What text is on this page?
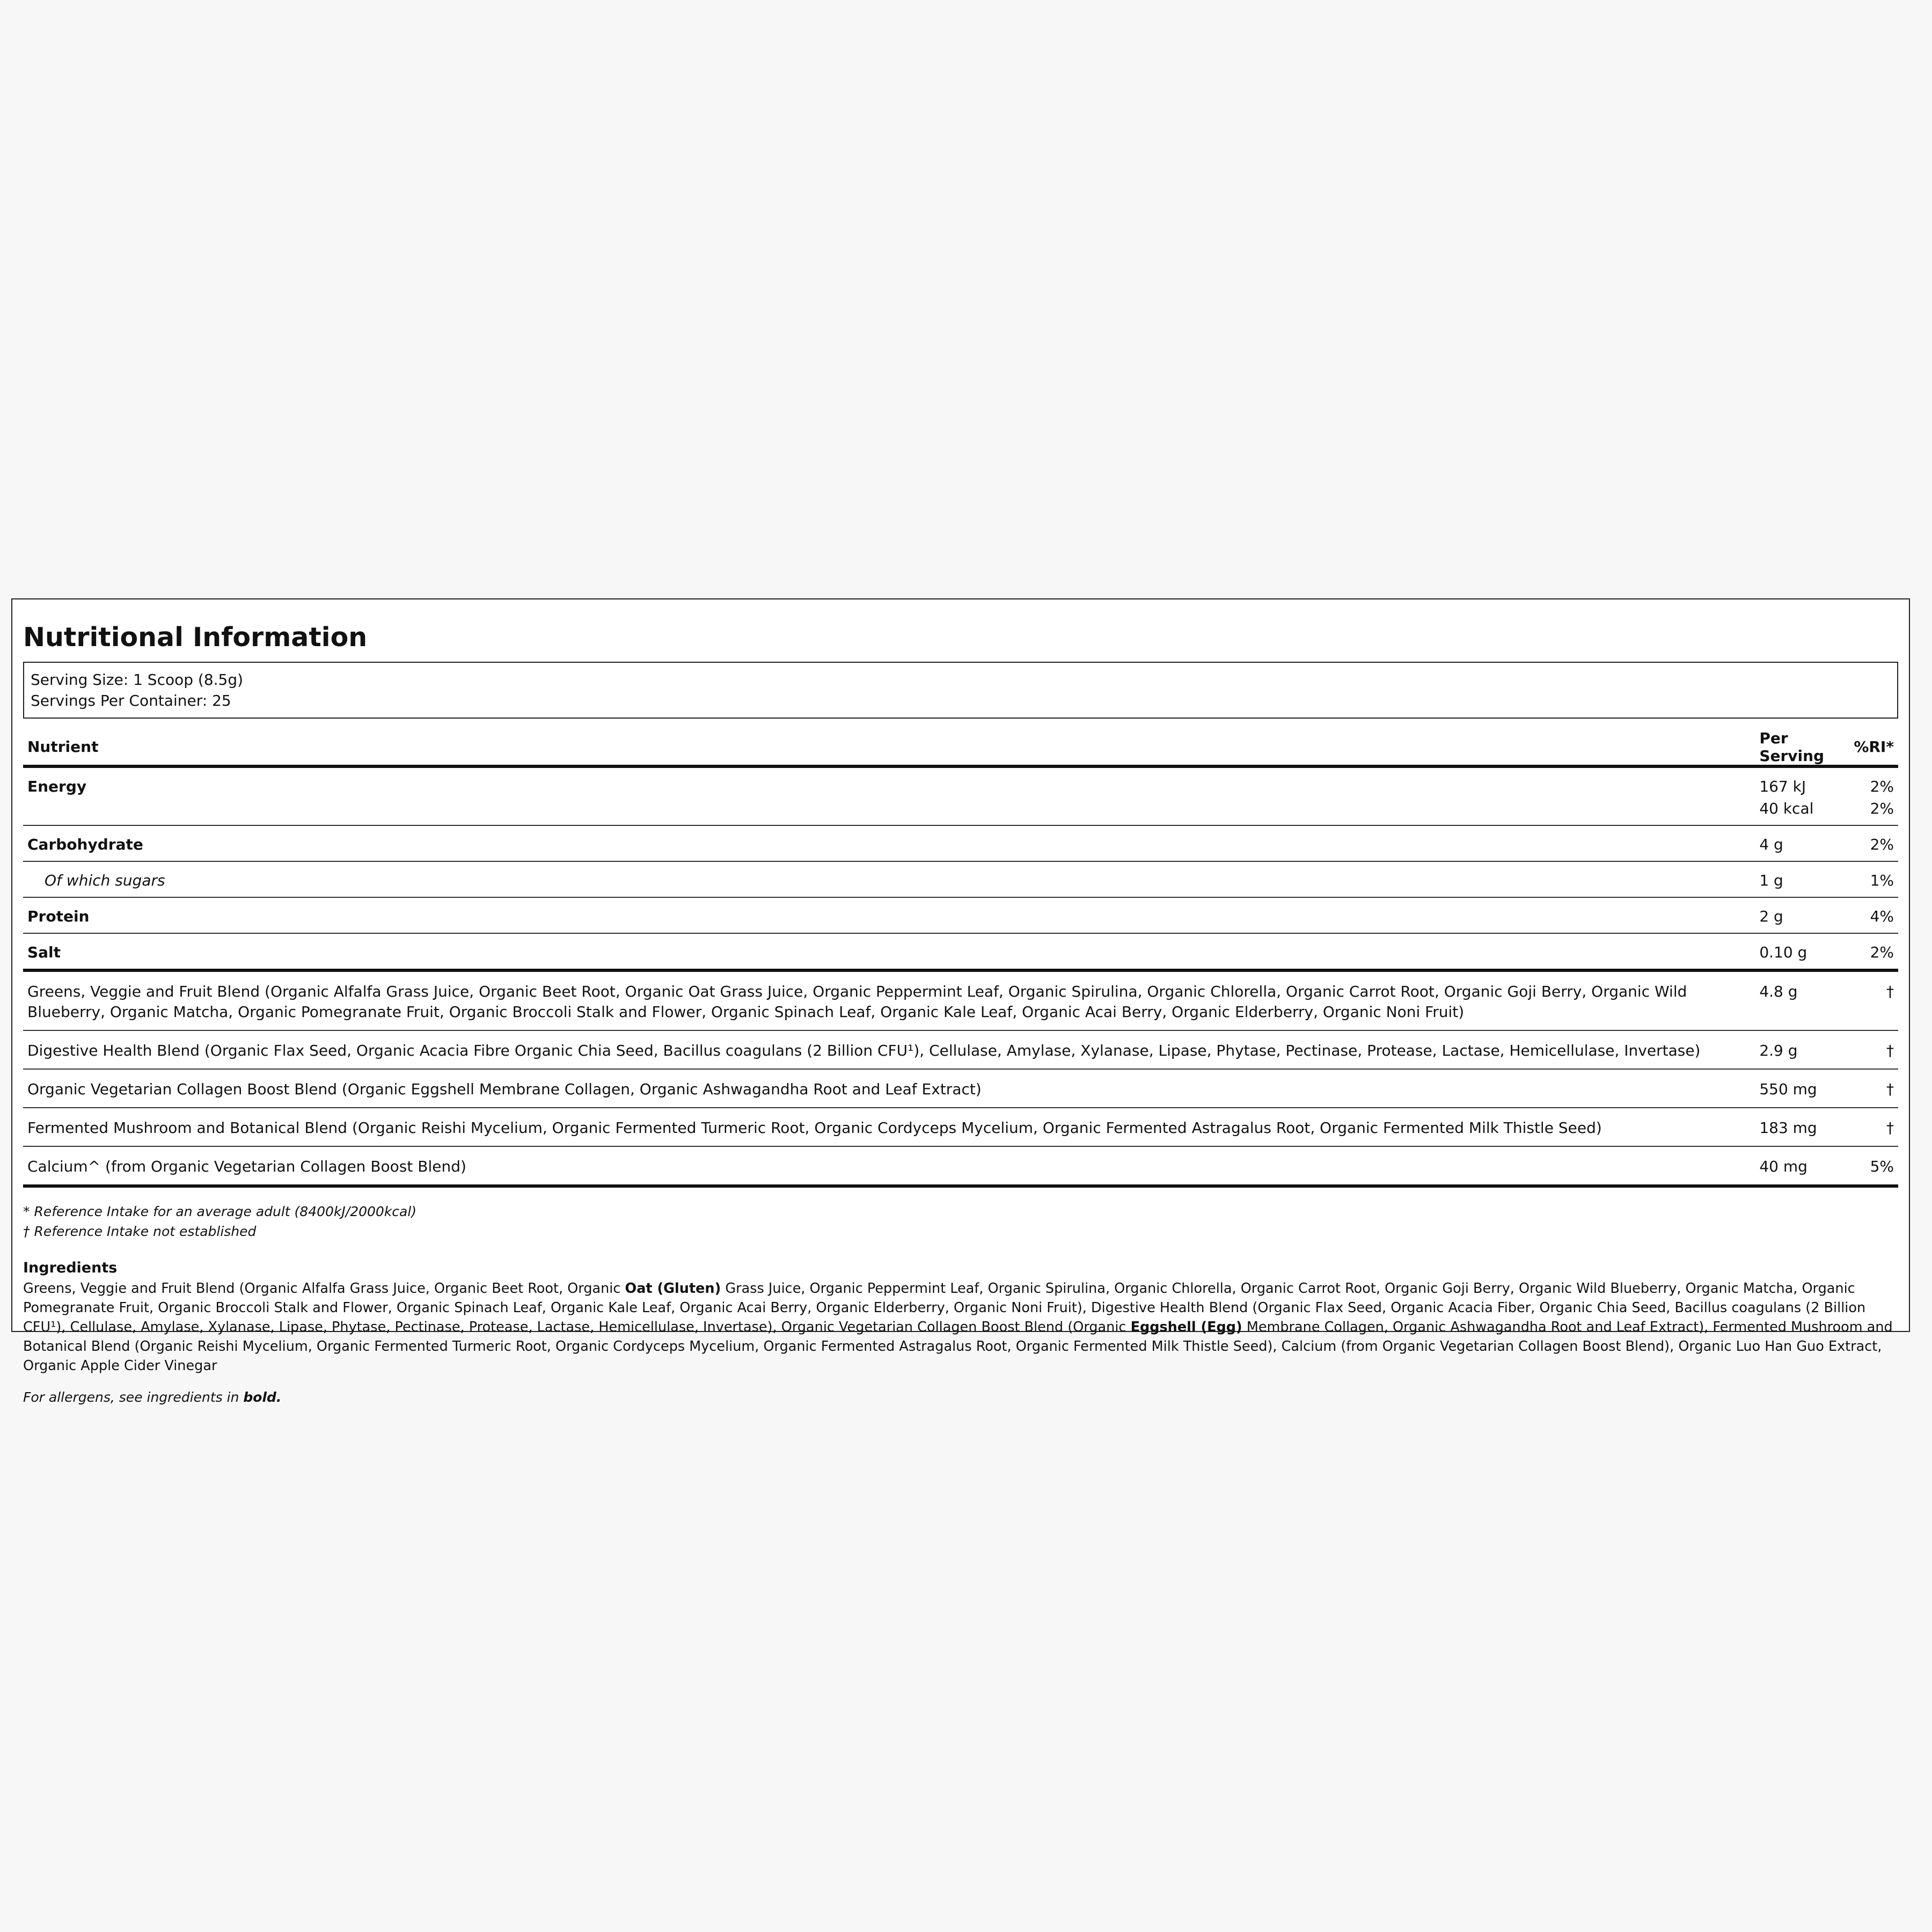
Nutritional Information
Serving Size: 1 Scoop (8.5g)
Servings Per Container: 25
Nutrient	Per Serving	%RI*
Energy	167 kJ	2%
	40 kcal	2%
Carbohydrate	4 g	2%
Of which sugars	1 g	1%
Protein	2 g	4%
Salt	0.10 g	2%
Greens, Veggie and Fruit Blend (Organic Alfalfa Grass Juice, Organic Beet Root, Organic Oat Grass Juice, Organic Peppermint Leaf, Organic Spirulina, Organic Chlorella, Organic Carrot Root, Organic Goji Berry, Organic Wild Blueberry, Organic Matcha, Organic Pomegranate Fruit, Organic Broccoli Stalk and Flower, Organic Spinach Leaf, Organic Kale Leaf, Organic Acai Berry, Organic Elderberry, Organic Noni Fruit)	4.8 g	†
Digestive Health Blend (Organic Flax Seed, Organic Acacia Fibre Organic Chia Seed, Bacillus coagulans (2 Billion CFU¹), Cellulase, Amylase, Xylanase, Lipase, Phytase, Pectinase, Protease, Lactase, Hemicellulase, Invertase)	2.9 g	†
Organic Vegetarian Collagen Boost Blend (Organic Eggshell Membrane Collagen, Organic Ashwagandha Root and Leaf Extract)	550 mg	†
Fermented Mushroom and Botanical Blend (Organic Reishi Mycelium, Organic Fermented Turmeric Root, Organic Cordyceps Mycelium, Organic Fermented Astragalus Root, Organic Fermented Milk Thistle Seed)	183 mg	†
Calcium^ (from Organic Vegetarian Collagen Boost Blend)	40 mg	5%
* Reference Intake for an average adult (8400kJ/2000kcal)
† Reference Intake not established
Ingredients
Greens, Veggie and Fruit Blend (Organic Alfalfa Grass Juice, Organic Beet Root, Organic Oat (Gluten) Grass Juice, Organic Peppermint Leaf, Organic Spirulina, Organic Chlorella, Organic Carrot Root, Organic Goji Berry, Organic Wild Blueberry, Organic Matcha, Organic Pomegranate Fruit, Organic Broccoli Stalk and Flower, Organic Spinach Leaf, Organic Kale Leaf, Organic Acai Berry, Organic Elderberry, Organic Noni Fruit), Digestive Health Blend (Organic Flax Seed, Organic Acacia Fiber, Organic Chia Seed, Bacillus coagulans (2 Billion CFU¹), Cellulase, Amylase, Xylanase, Lipase, Phytase, Pectinase, Protease, Lactase, Hemicellulase, Invertase), Organic Vegetarian Collagen Boost Blend (Organic Eggshell (Egg) Membrane Collagen, Organic Ashwagandha Root and Leaf Extract), Fermented Mushroom and Botanical Blend (Organic Reishi Mycelium, Organic Fermented Turmeric Root, Organic Cordyceps Mycelium, Organic Fermented Astragalus Root, Organic Fermented Milk Thistle Seed), Calcium (from Organic Vegetarian Collagen Boost Blend), Organic Luo Han Guo Extract, Organic Apple Cider Vinegar
For allergens, see ingredients in bold.
